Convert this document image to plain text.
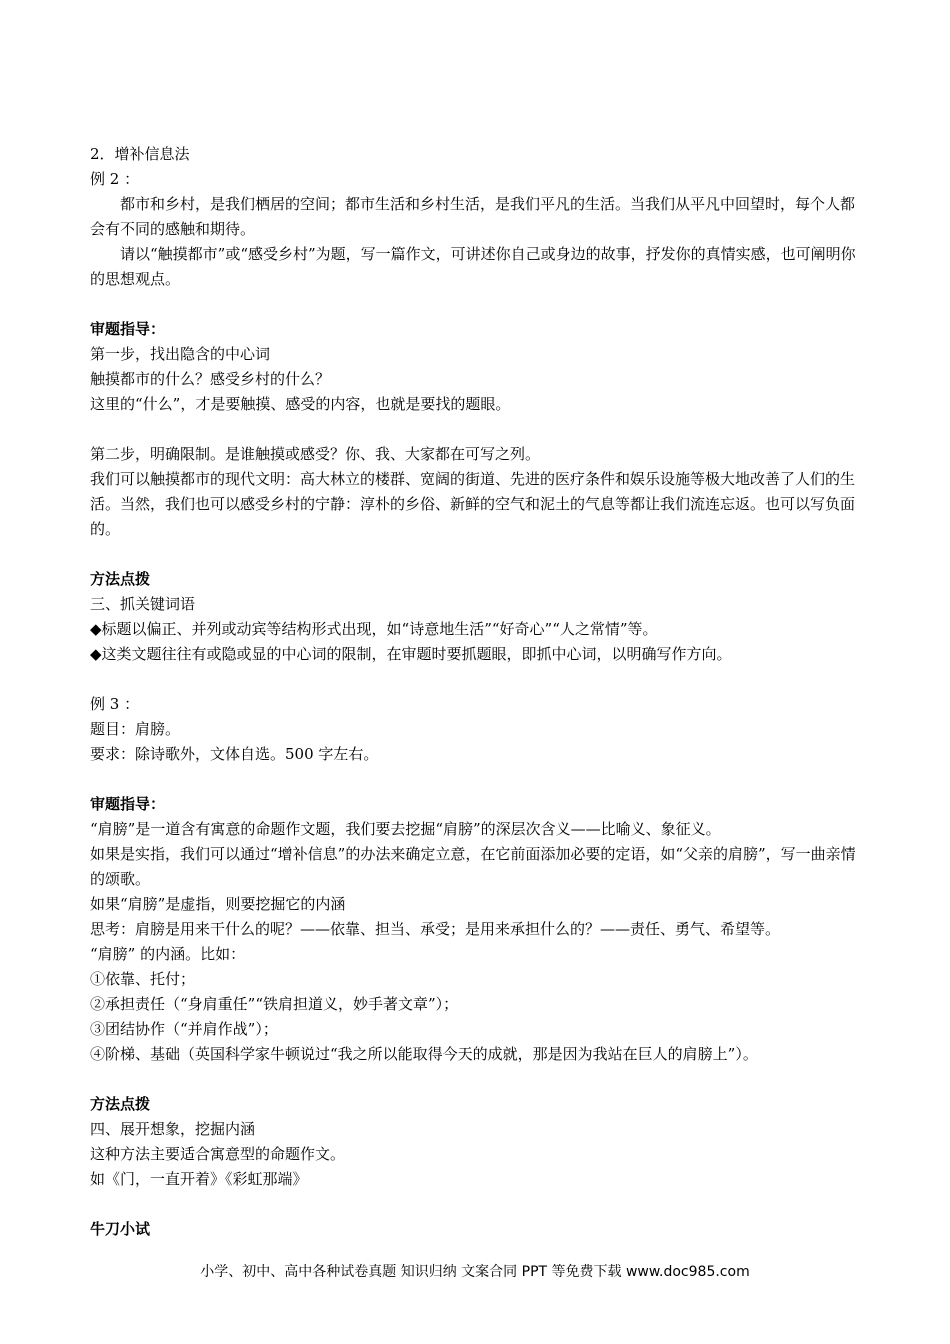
2．增补信息法
例 2 ：
都市和乡村，是我们栖居的空间；都市生活和乡村生活，是我们平凡的生活。当我们从平凡中回望时，每个人都会有不同的感触和期待。
请以“触摸都市”或“感受乡村”为题，写一篇作文，可讲述你自己或身边的故事，抒发你的真情实感，也可阐明你的思想观点。
审题指导：
第一步，找出隐含的中心词
触摸都市的什么？感受乡村的什么？
这里的“什么”，才是要触摸、感受的内容，也就是要找的题眼。
第二步，明确限制。是谁触摸或感受？你、我、大家都在可写之列。
我们可以触摸都市的现代文明：高大林立的楼群、宽阔的街道、先进的医疗条件和娱乐设施等极大地改善了人们的生活。当然，我们也可以感受乡村的宁静：淳朴的乡俗、新鲜的空气和泥土的气息等都让我们流连忘返。也可以写负面的。
方法点拨
三、抓关键词语
◆标题以偏正、并列或动宾等结构形式出现，如“诗意地生活”“好奇心”“人之常情”等。
◆这类文题往往有或隐或显的中心词的限制，在审题时要抓题眼，即抓中心词，以明确写作方向。
例 3 ：
题目：肩膀。
要求：除诗歌外，文体自选。500 字左右。
审题指导：
“肩膀”是一道含有寓意的命题作文题，我们要去挖掘“肩膀”的深层次含义——比喻义、象征义。
如果是实指，我们可以通过“增补信息”的办法来确定立意，在它前面添加必要的定语，如“父亲的肩膀”，写一曲亲情的颂歌。
如果“肩膀”是虚指，则要挖掘它的内涵
思考：肩膀是用来干什么的呢？——依靠、担当、承受；是用来承担什么的？——责任、勇气、希望等。
“肩膀” 的内涵。比如：
①依靠、托付；
②承担责任（“身肩重任”“铁肩担道义，妙手著文章”）；
③团结协作（“并肩作战”）；
④阶梯、基础（英国科学家牛顿说过“我之所以能取得今天的成就，那是因为我站在巨人的肩膀上”）。
方法点拨
四、展开想象，挖掘内涵
这种方法主要适合寓意型的命题作文。
如《门，一直开着》《彩虹那端》
牛刀小试
小学、初中、高中各种试卷真题 知识归纳 文案合同 PPT 等免费下载 www.doc985.com
